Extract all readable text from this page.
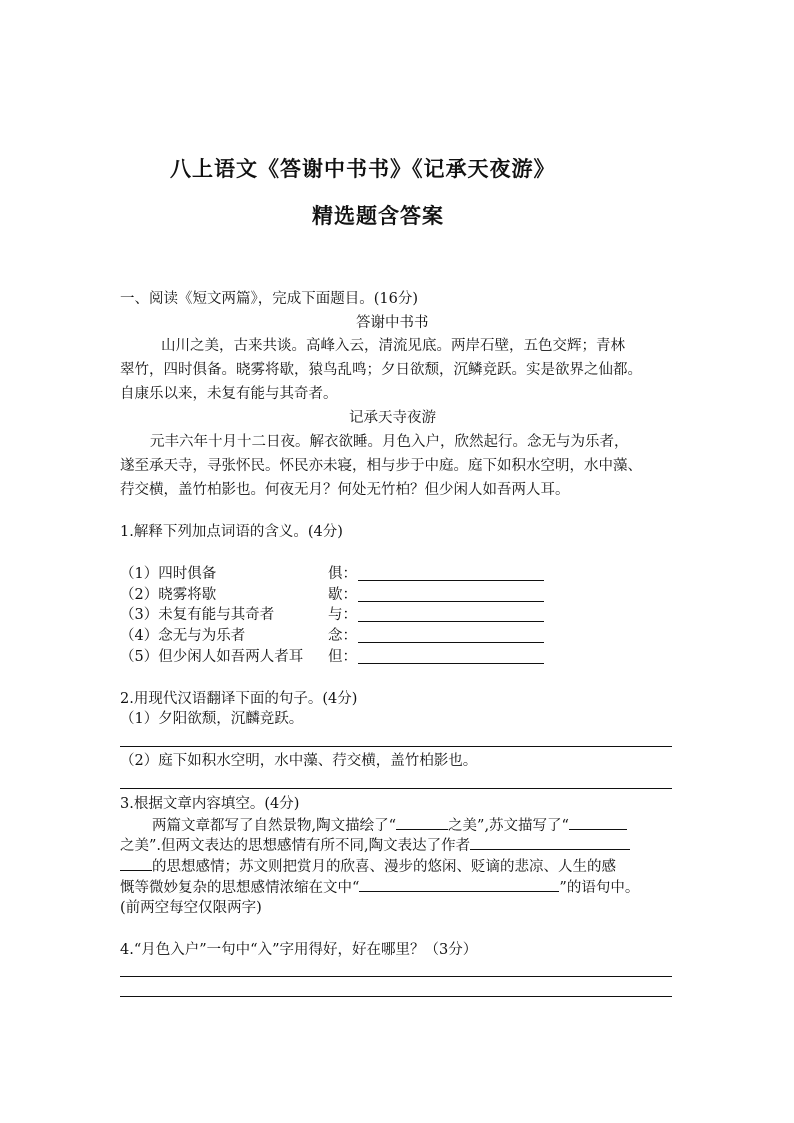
八上语文《答谢中书书》《记承天夜游》
精选题含答案
一、阅读《短文两篇》，完成下面题目。(16分)
答谢中书书
山川之美，古来共谈。高峰入云，清流见底。两岸石壁，五色交辉；青林
翠竹，四时俱备。晓雾将歇，猿鸟乱鸣；夕日欲颓，沉鳞竞跃。实是欲界之仙都。
自康乐以来，未复有能与其奇者。
记承天寺夜游
元丰六年十月十二日夜。解衣欲睡。月色入户，欣然起行。念无与为乐者，
遂至承天寺，寻张怀民。怀民亦未寝，相与步于中庭。庭下如积水空明，水中藻、
荇交横，盖竹柏影也。何夜无月？何处无竹柏？但少闲人如吾两人耳。
1.解释下列加点词语的含义。(4分)
（1）四时俱备	俱：
（2）晓雾将歇	歇：
（3）未复有能与其奇者	与：
（4）念无与为乐者	念：
（5）但少闲人如吾两人者耳 但：
2.用现代汉语翻译下面的句子。(4分)
（1）夕阳欲颓，沉麟竞跃。
（2）庭下如积水空明，水中藻、荇交横，盖竹柏影也。
3.根据文章内容填空。(4分)
两篇文章都写了自然景物,陶文描绘了“	之美”,苏文描写了“
之美”.但两文表达的思想感情有所不同,陶文表达了作者
的思想感情；苏文则把赏月的欣喜、漫步的悠闲、贬谪的悲凉、人生的感
慨等微妙复杂的思想感情浓缩在文中“	”的语句中。
(前两空每空仅限两字)
4.“月色入户”一句中“入”字用得好，好在哪里？（3分）
